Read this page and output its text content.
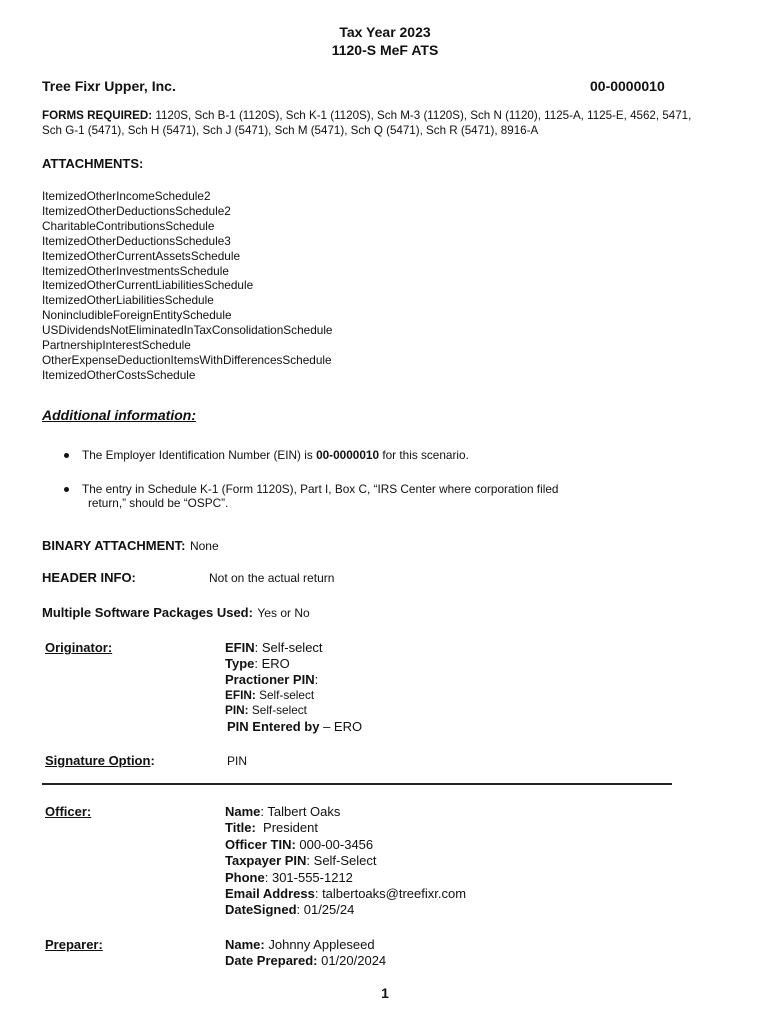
Tax Year 2023
1120-S MeF ATS
Tree Fixr Upper, Inc.	00-0000010
FORMS REQUIRED: 1120S, Sch B-1 (1120S), Sch K-1 (1120S), Sch M-3 (1120S), Sch N (1120), 1125-A, 1125-E, 4562, 5471, Sch G-1 (5471), Sch H (5471), Sch J (5471), Sch M (5471), Sch Q (5471), Sch R (5471), 8916-A
ATTACHMENTS:
ItemizedOtherIncomeSchedule2
ItemizedOtherDeductionsSchedule2
CharitableContributionsSchedule
ItemizedOtherDeductionsSchedule3
ItemizedOtherCurrentAssetsSchedule
ItemizedOtherInvestmentsSchedule
ItemizedOtherCurrentLiabilitiesSchedule
ItemizedOtherLiabilitiesSchedule
NonincludibleForeignEntitySchedule
USDividendsNotEliminatedInTaxConsolidationSchedule
PartnershipInterestSchedule
OtherExpenseDeductionItemsWithDifferencesSchedule
ItemizedOtherCostsSchedule
Additional information:
The Employer Identification Number (EIN) is 00-0000010 for this scenario.
The entry in Schedule K-1 (Form 1120S), Part I, Box C, “IRS Center where corporation filed
return,” should be “OSPC”.
BINARY ATTACHMENT: None
HEADER INFO:	Not on the actual return
Multiple Software Packages Used: Yes or No
Originator:	EFIN: Self-select
Type: ERO
Practioner PIN:
EFIN: Self-select
PIN: Self-select
PIN Entered by – ERO
Signature Option:	PIN
Officer:	Name: Talbert Oaks
Title:  President
Officer TIN: 000-00-3456
Taxpayer PIN: Self-Select
Phone: 301-555-1212
Email Address: talbertoaks@treefixr.com
DateSigned: 01/25/24
Preparer:	Name: Johnny Appleseed
Date Prepared: 01/20/2024
1
